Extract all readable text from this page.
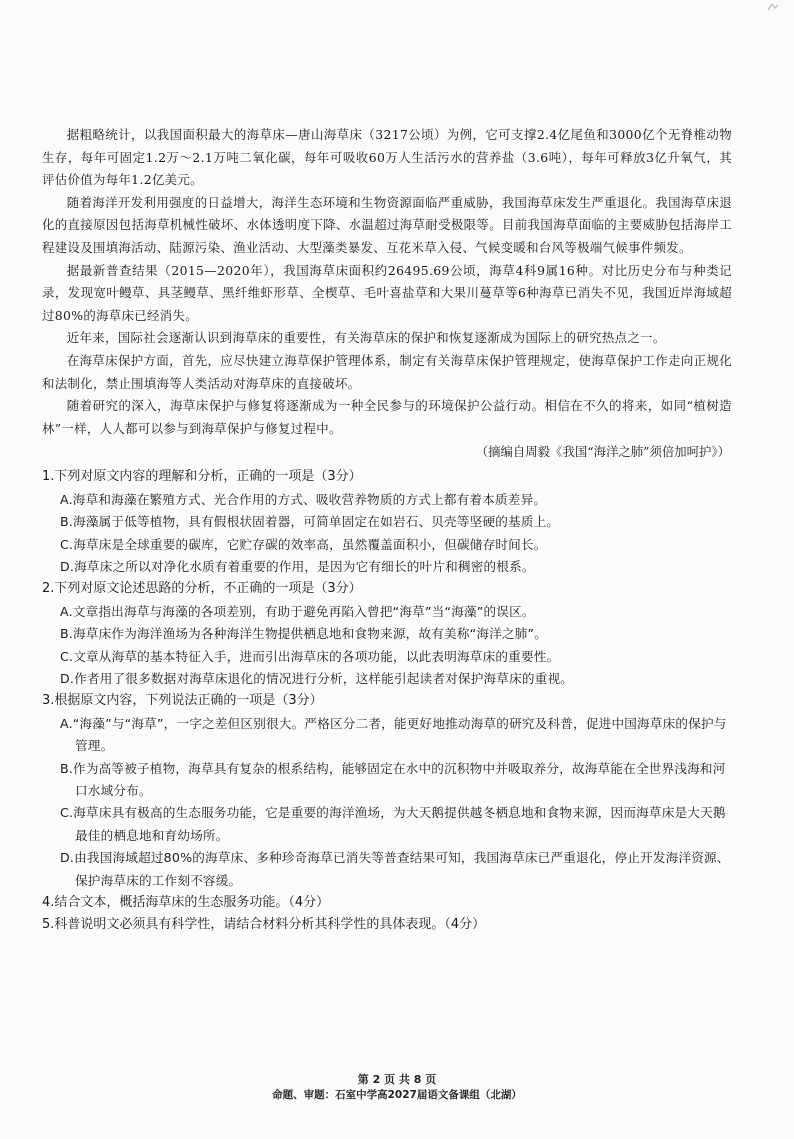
据粗略统计，以我国面积最大的海草床—唐山海草床（3217公顷）为例，它可支撑2.4亿尾鱼和3000亿个无脊椎动物生存，每年可固定1.2万～2.1万吨二氧化碳，每年可吸收60万人生活污水的营养盐（3.6吨），每年可释放3亿升氧气，其评估价值为每年1.2亿美元。

随着海洋开发利用强度的日益增大，海洋生态环境和生物资源面临严重威胁，我国海草床发生严重退化。我国海草床退化的直接原因包括海草机械性破坏、水体透明度下降、水温超过海草耐受极限等。目前我国海草面临的主要威胁包括海岸工程建设及围填海活动、陆源污染、渔业活动、大型藻类暴发、互花米草入侵、气候变暖和台风等极端气候事件频发。

据最新普查结果（2015—2020年），我国海草床面积约26495.69公顷，海草4科9属16种。对比历史分布与种类记录，发现宽叶鳗草、具茎鳗草、黑纤维虾形草、全楔草、毛叶喜盐草和大果川蔓草等6种海草已消失不见，我国近岸海域超过80%的海草床已经消失。

近年来，国际社会逐渐认识到海草床的重要性，有关海草床的保护和恢复逐渐成为国际上的研究热点之一。

在海草床保护方面，首先，应尽快建立海草保护管理体系，制定有关海草床保护管理规定，使海草保护工作走向正规化和法制化，禁止围填海等人类活动对海草床的直接破坏。

随着研究的深入，海草床保护与修复将逐渐成为一种全民参与的环境保护公益行动。相信在不久的将来，如同“植树造林”一样，人人都可以参与到海草保护与修复过程中。

（摘编自周毅《我国“海洋之肺”须倍加呵护》）

1.下列对原文内容的理解和分析，正确的一项是（3分）

A.海草和海藻在繁殖方式、光合作用的方式、吸收营养物质的方式上都有着本质差异。

B.海藻属于低等植物，具有假根状固着器，可简单固定在如岩石、贝壳等坚硬的基质上。

C.海草床是全球重要的碳库，它贮存碳的效率高，虽然覆盖面积小，但碳储存时间长。

D.海草床之所以对净化水质有着重要的作用，是因为它有细长的叶片和稠密的根系。

2.下列对原文论述思路的分析，不正确的一项是（3分）

A.文章指出海草与海藻的各项差别，有助于避免再陷入曾把“海草”当“海藻”的误区。

B.海草床作为海洋渔场为各种海洋生物提供栖息地和食物来源，故有美称“海洋之肺”。

C.文章从海草的基本特征入手，进而引出海草床的各项功能，以此表明海草床的重要性。

D.作者用了很多数据对海草床退化的情况进行分析，这样能引起读者对保护海草床的重视。

3.根据原文内容，下列说法正确的一项是（3分）

A.“海藻”与“海草”，一字之差但区别很大。严格区分二者，能更好地推动海草的研究及科普，促进中国海草床的保护与管理。

B.作为高等被子植物，海草具有复杂的根系结构，能够固定在水中的沉积物中并吸取养分，故海草能在全世界浅海和河口水域分布。

C.海草床具有极高的生态服务功能，它是重要的海洋渔场，为大天鹅提供越冬栖息地和食物来源，因而海草床是大天鹅最佳的栖息地和育幼场所。

D.由我国海域超过80%的海草床、多种珍奇海草已消失等普查结果可知，我国海草床已严重退化，停止开发海洋资源、保护海草床的工作刻不容缓。

4.结合文本，概括海草床的生态服务功能。（4分）

5.科普说明文必须具有科学性，请结合材料分析其科学性的具体表现。（4分）

第 2 页 共 8 页
命题、审题：石室中学高2027届语文备课组（北湖）
